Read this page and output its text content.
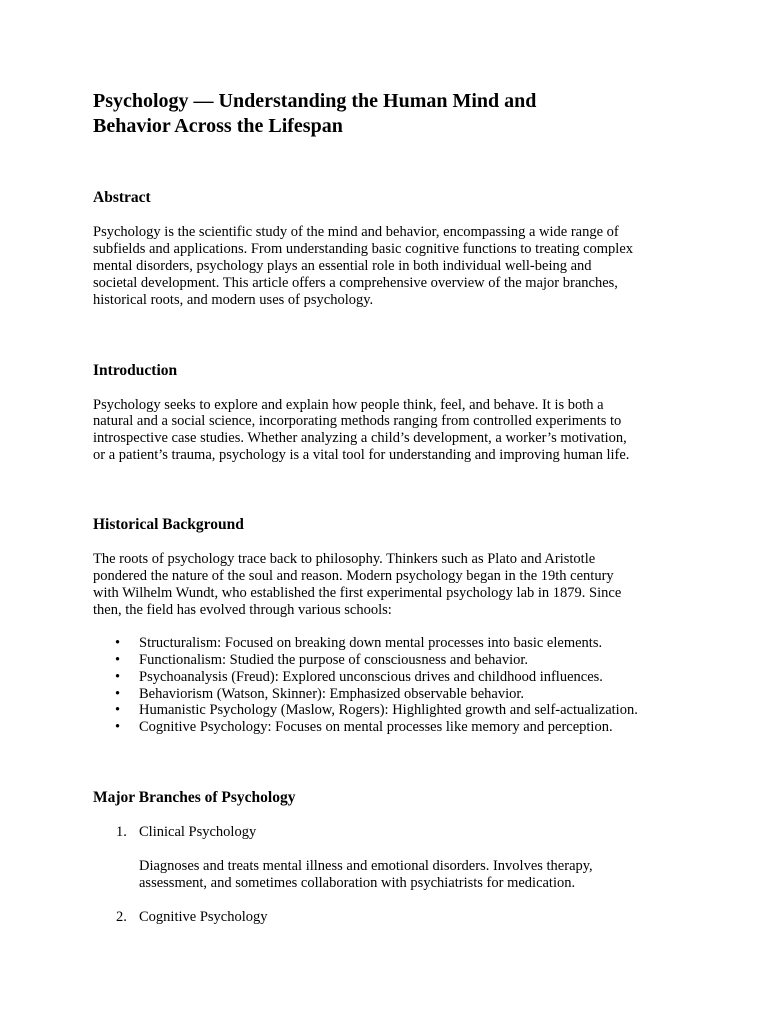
Psychology — Understanding the Human Mind and
Behavior Across the Lifespan
Abstract

Psychology is the scientific study of the mind and behavior, encompassing a wide range of
subfields and applications. From understanding basic cognitive functions to treating complex
mental disorders, psychology plays an essential role in both individual well-being and
societal development. This article offers a comprehensive overview of the major branches,
historical roots, and modern uses of psychology.

Introduction

Psychology seeks to explore and explain how people think, feel, and behave. It is both a
natural and a social science, incorporating methods ranging from controlled experiments to
introspective case studies. Whether analyzing a child’s development, a worker’s motivation,
or a patient’s trauma, psychology is a vital tool for understanding and improving human life.

Historical Background

The roots of psychology trace back to philosophy. Thinkers such as Plato and Aristotle
pondered the nature of the soul and reason. Modern psychology began in the 19th century
with Wilhelm Wundt, who established the first experimental psychology lab in 1879. Since
then, the field has evolved through various schools:

• Structuralism: Focused on breaking down mental processes into basic elements.
• Functionalism: Studied the purpose of consciousness and behavior.
• Psychoanalysis (Freud): Explored unconscious drives and childhood influences.
• Behaviorism (Watson, Skinner): Emphasized observable behavior.
• Humanistic Psychology (Maslow, Rogers): Highlighted growth and self-actualization.
• Cognitive Psychology: Focuses on mental processes like memory and perception.
Major Branches of Psychology
1. Clinical Psychology

Diagnoses and treats mental illness and emotional disorders. Involves therapy,
assessment, and sometimes collaboration with psychiatrists for medication.

2. Cognitive Psychology
